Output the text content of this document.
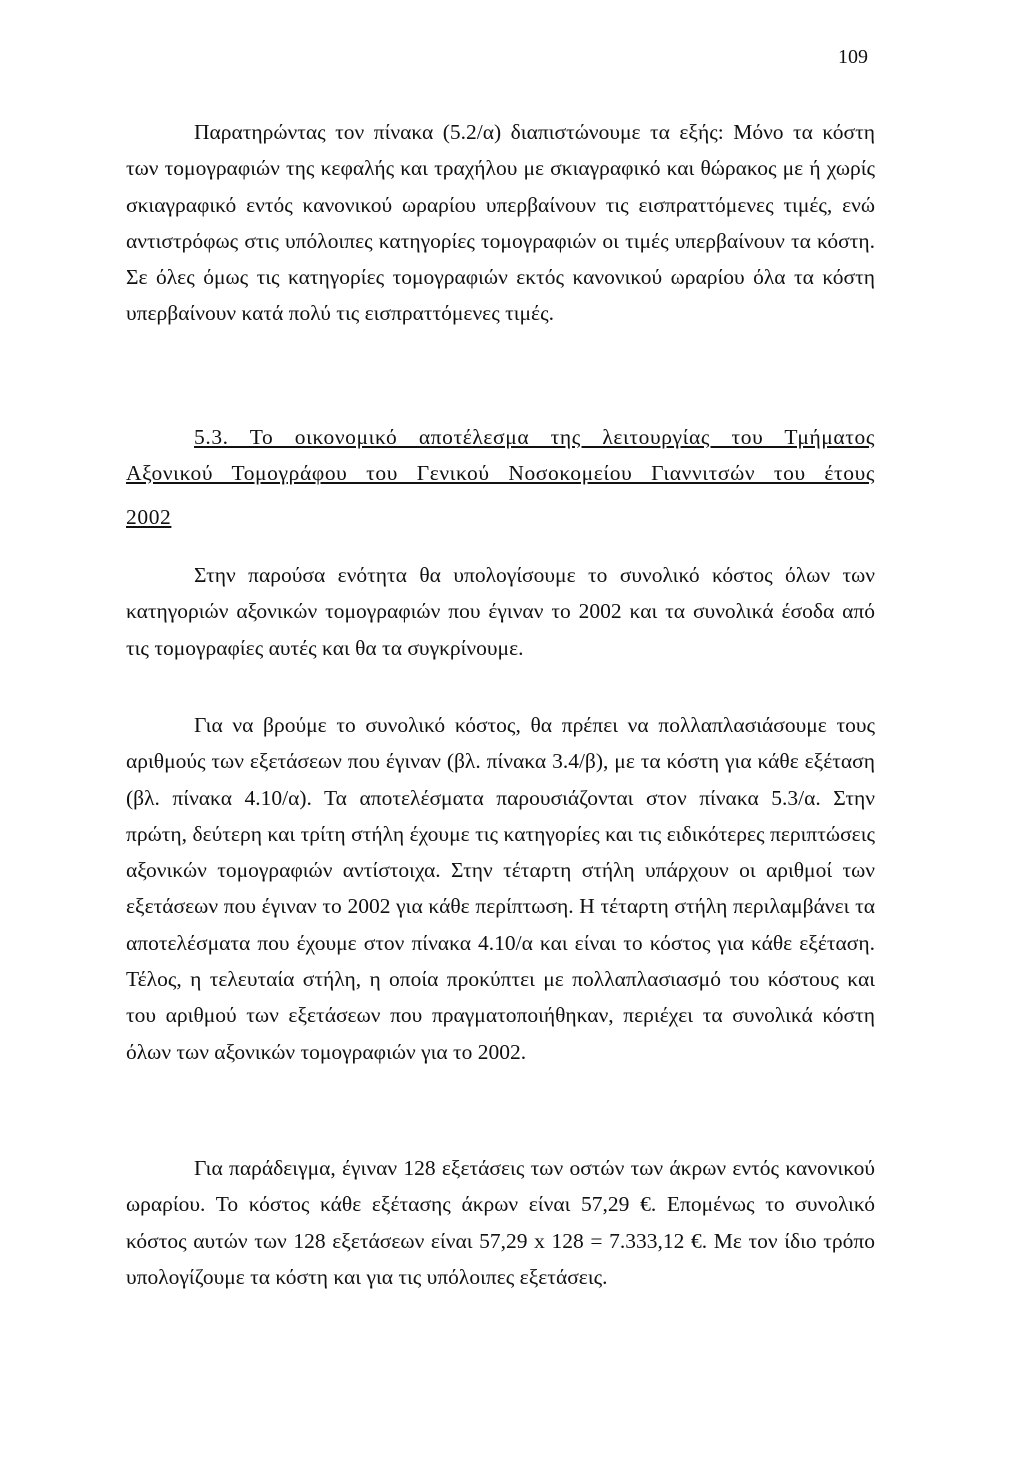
109

Παρατηρώντας τον πίνακα (5.2/α) διαπιστώνουμε τα εξής: Μόνο τα κόστη των τομογραφιών της κεφαλής και τραχήλου με σκιαγραφικό και θώρακος με ή χωρίς σκιαγραφικό εντός κανονικού ωραρίου υπερβαίνουν τις εισπραττόμενες τιμές, ενώ αντιστρόφως στις υπόλοιπες κατηγορίες τομογραφιών οι τιμές υπερβαίνουν τα κόστη. Σε όλες όμως τις κατηγορίες τομογραφιών εκτός κανονικού ωραρίου όλα τα κόστη υπερβαίνουν κατά πολύ τις εισπραττόμενες τιμές.

5.3. Το οικονομικό αποτέλεσμα της λειτουργίας του Τμήματος
Αξονικού Τομογράφου του Γενικού Νοσοκομείου Γιαννιτσών του έτους
2002

Στην παρούσα ενότητα θα υπολογίσουμε το συνολικό κόστος όλων των κατηγοριών αξονικών τομογραφιών που έγιναν το 2002 και τα συνολικά έσοδα από τις τομογραφίες αυτές και θα τα συγκρίνουμε.

Για να βρούμε το συνολικό κόστος, θα πρέπει να πολλαπλασιάσουμε τους αριθμούς των εξετάσεων που έγιναν (βλ. πίνακα 3.4/β), με τα κόστη για κάθε εξέταση (βλ. πίνακα 4.10/α). Τα αποτελέσματα παρουσιάζονται στον πίνακα 5.3/α. Στην πρώτη, δεύτερη και τρίτη στήλη έχουμε τις κατηγορίες και τις ειδικότερες περιπτώσεις αξονικών τομογραφιών αντίστοιχα. Στην τέταρτη στήλη υπάρχουν οι αριθμοί των εξετάσεων που έγιναν το 2002 για κάθε περίπτωση. Η τέταρτη στήλη περιλαμβάνει τα αποτελέσματα που έχουμε στον πίνακα 4.10/α και είναι το κόστος για κάθε εξέταση. Τέλος, η τελευταία στήλη, η οποία προκύπτει με πολλαπλασιασμό του κόστους και του αριθμού των εξετάσεων που πραγματοποιήθηκαν, περιέχει τα συνολικά κόστη όλων των αξονικών τομογραφιών για το 2002.

Για παράδειγμα, έγιναν 128 εξετάσεις των οστών των άκρων εντός κανονικού ωραρίου. Το κόστος κάθε εξέτασης άκρων είναι 57,29 €. Επομένως το συνολικό κόστος αυτών των 128 εξετάσεων είναι 57,29 x 128 = 7.333,12 €. Με τον ίδιο τρόπο υπολογίζουμε τα κόστη και για τις υπόλοιπες εξετάσεις.
